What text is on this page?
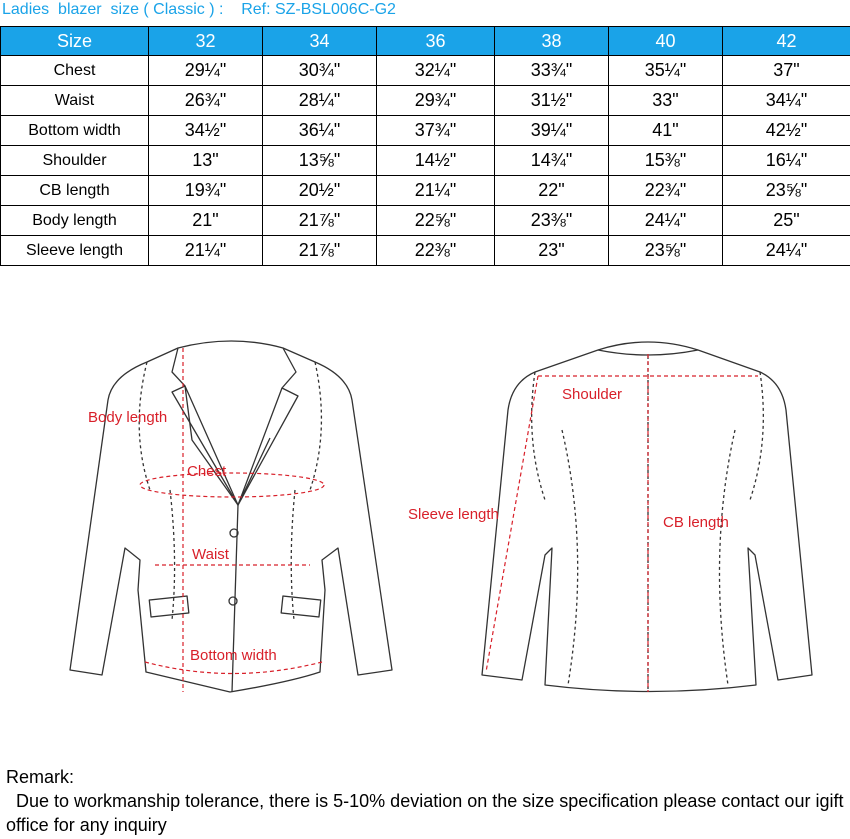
Ladies  blazer  size ( Classic ) :    Ref: SZ-BSL006C-G2
Size	32	34	36	38	40	42
Chest	29¼"	30¾"	32¼"	33¾"	35¼"	37"
Waist	26¾"	28¼"	29¾"	31½"	33"	34¼"
Bottom width	34½"	36¼"	37¾"	39¼"	41"	42½"
Shoulder	13"	13⅝"	14½"	14¾"	15⅜"	16¼"
CB length	19¾"	20½"	21¼"	22"	22¾"	23⅝"
Body length	21"	21⅞"	22⅝"	23⅜"	24¼"	25"
Sleeve length	21¼"	21⅞"	22⅜"	23"	23⅝"	24¼"
Body length
Chest
Waist
Bottom width
Shoulder
Sleeve length	CB length
Remark:
Due to workmanship tolerance, there is 5-10% deviation on the size specification please contact our igift office for any inquiry
